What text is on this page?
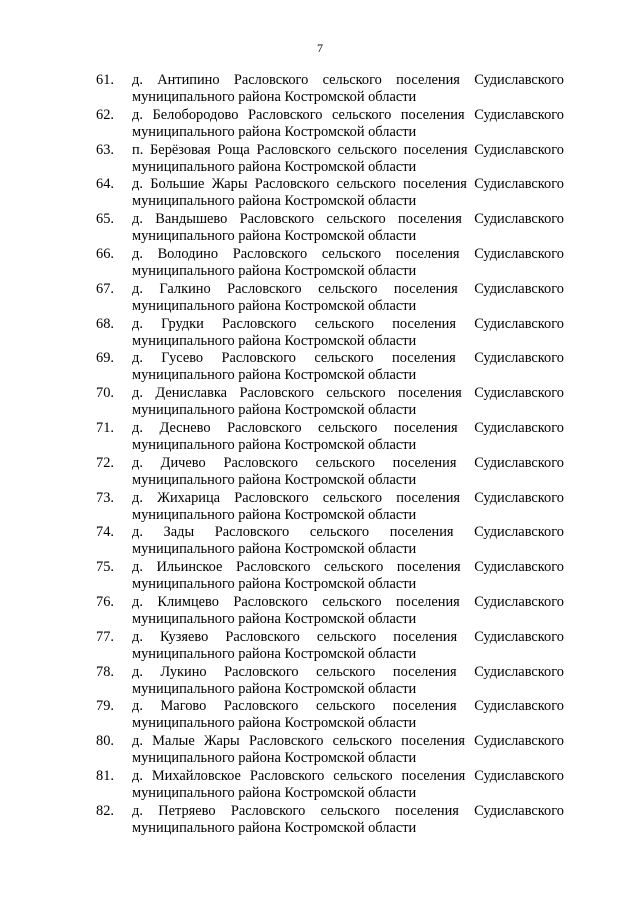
7
61. д. Антипино Расловского сельского поселения Судиславского муниципального района Костромской области
62. д. Белобородово Расловского сельского поселения Судиславского муниципального района Костромской области
63. п. Берёзовая Роща Расловского сельского поселения Судиславского муниципального района Костромской области
64. д. Большие Жары Расловского сельского поселения Судиславского муниципального района Костромской области
65. д. Вандышево Расловского сельского поселения Судиславского муниципального района Костромской области
66. д. Володино Расловского сельского поселения Судиславского муниципального района Костромской области
67. д. Галкино Расловского сельского поселения Судиславского муниципального района Костромской области
68. д. Грудки Расловского сельского поселения Судиславского муниципального района Костромской области
69. д. Гусево Расловского сельского поселения Судиславского муниципального района Костромской области
70. д. Денислaвка Расловского сельского поселения Судиславского муниципального района Костромской области
71. д. Деснево Расловского сельского поселения Судиславского муниципального района Костромской области
72. д. Дичево Расловского сельского поселения Судиславского муниципального района Костромской области
73. д. Жихарица Расловского сельского поселения Судиславского муниципального района Костромской области
74. д. Зады Расловского сельского поселения Судиславского муниципального района Костромской области
75. д. Ильинское Расловского сельского поселения Судиславского муниципального района Костромской области
76. д. Климцево Расловского сельского поселения Судиславского муниципального района Костромской области
77. д. Кузяево Расловского сельского поселения Судиславского муниципального района Костромской области
78. д. Лукино Расловского сельского поселения Судиславского муниципального района Костромской области
79. д. Магово Расловского сельского поселения Судиславского муниципального района Костромской области
80. д. Малые Жары Расловского сельского поселения Судиславского муниципального района Костромской области
81. д. Михайловское Расловского сельского поселения Судиславского муниципального района Костромской области
82. д. Петряево Расловского сельского поселения Судиславского муниципального района Костромской области
